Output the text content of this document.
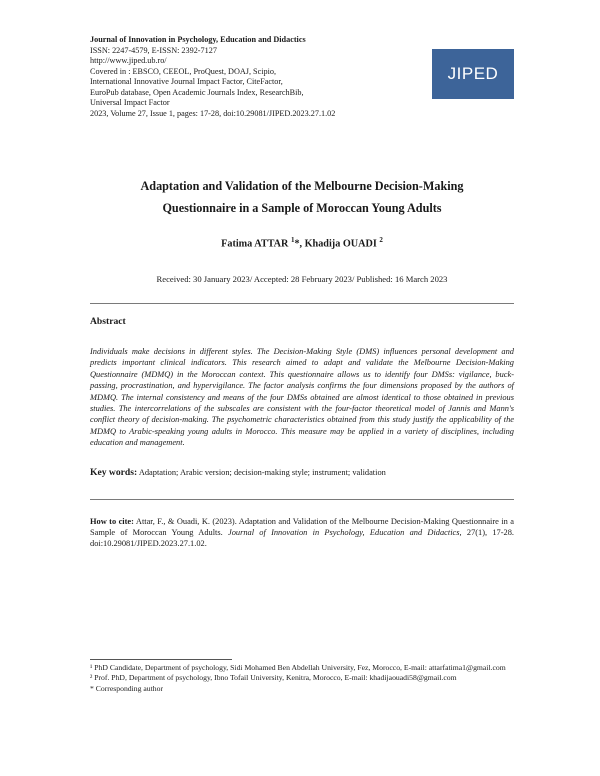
Journal of Innovation in Psychology, Education and Didactics
ISSN: 2247-4579, E-ISSN: 2392-7127
http://www.jiped.ub.ro/
Covered in : EBSCO, CEEOL, ProQuest, DOAJ, Scipio,
International Innovative Journal Impact Factor, CiteFactor,
EuroPub database, Open Academic Journals Index, ResearchBib,
Universal Impact Factor
2023, Volume 27, Issue 1, pages: 17-28, doi:10.29081/JIPED.2023.27.1.02
JIPED
Adaptation and Validation of the Melbourne Decision-Making
Questionnaire in a Sample of Moroccan Young Adults
Fatima ATTAR $^1$*, Khadija OUADI $^2$
Received: 30 January 2023/ Accepted: 28 February 2023/ Published: 16 March 2023
Abstract
Individuals make decisions in different styles. The Decision-Making Style (DMS) influences personal development and predicts important clinical indicators. This research aimed to adapt and validate the Melbourne Decision-Making Questionnaire (MDMQ) in the Moroccan context. This questionnaire allows us to identify four DMSs: vigilance, buck-passing, procrastination, and hypervigilance. The factor analysis confirms the four dimensions proposed by the authors of MDMQ. The internal consistency and means of the four DMSs obtained are almost identical to those obtained in previous studies. The intercorrelations of the subscales are consistent with the four-factor theoretical model of Jannis and Mann's conflict theory of decision-making. The psychometric characteristics obtained from this study justify the applicability of the MDMQ to Arabic-speaking young adults in Morocco. This measure may be applied in a variety of disciplines, including education and management.
Key words: Adaptation; Arabic version; decision-making style; instrument; validation
How to cite: Attar, F., & Ouadi, K. (2023). Adaptation and Validation of the Melbourne Decision-Making Questionnaire in a Sample of Moroccan Young Adults. Journal of Innovation in Psychology, Education and Didactics, 27(1), 17-28. doi:10.29081/JIPED.2023.27.1.02.
¹ PhD Candidate, Department of psychology, Sidi Mohamed Ben Abdellah University, Fez, Morocco, E-mail: attarfatima1@gmail.com
² Prof. PhD, Department of psychology, Ibno Tofail University, Kenitra, Morocco, E-mail: khadijaouadi58@gmail.com
* Corresponding author
